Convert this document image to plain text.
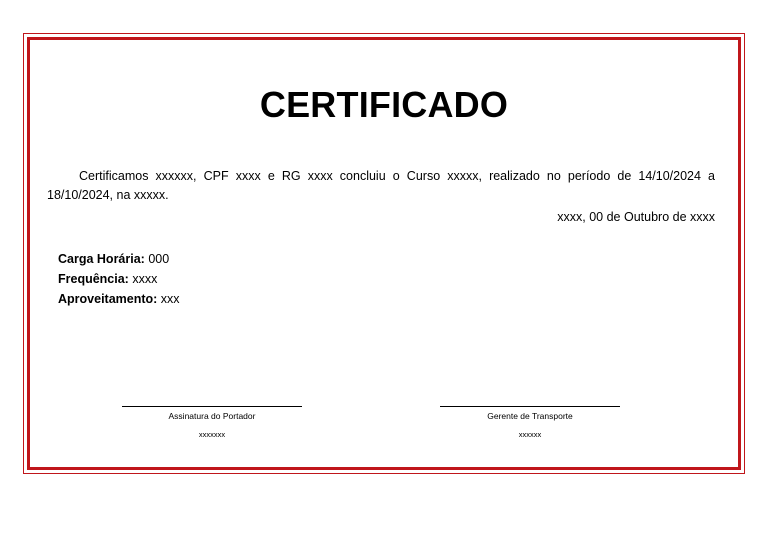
CERTIFICADO
Certificamos xxxxxx, CPF xxxx e RG xxxx concluiu o Curso xxxxx, realizado no período de 14/10/2024 a 18/10/2024, na xxxxx.
xxxx, 00 de Outubro de xxxx
Carga Horária: 000
Frequência: xxxx
Aproveitamento: xxx
Assinatura do Portador
xxxxxxx
Gerente de Transporte
xxxxxx
